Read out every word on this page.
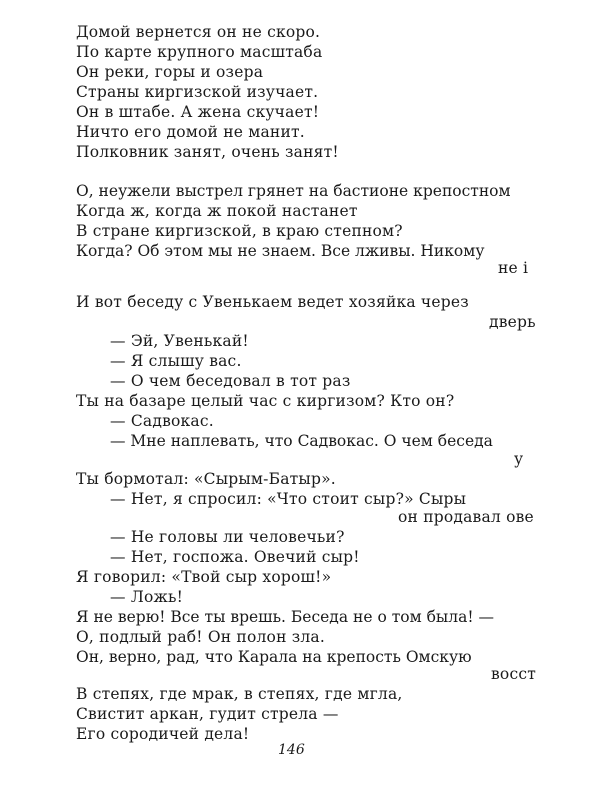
Домой вернется он не скоро.
По карте крупного масштаба
Он реки, горы и озера
Страны киргизской изучает.
Он в штабе. А жена скучает!
Ничто его домой не манит.
Полковник занят, очень занят!
О, неужели выстрел грянет на бастионе крепостном
Когда ж, когда ж покой настанет
В стране киргизской, в краю степном?
Когда? Об этом мы не знаем. Все лживы. Никому
не і
И вот беседу с Увенькаем ведет хозяйка через
дверь
— Эй, Увенькай!
— Я слышу вас.
— О чем беседовал в тот раз
Ты на базаре целый час с киргизом? Кто он?
— Садвокас.
— Мне наплевать, что Садвокас. О чем беседа
у
Ты бормотал: «Сырым-Батыр».
— Нет, я спросил: «Что стоит сыр?» Сыры
он продавал ове
— Не головы ли человечьи?
— Нет, госпожа. Овечий сыр!
Я говорил: «Твой сыр хорош!»
— Ложь!
Я не верю! Все ты врешь. Беседа не о том была! —
О, подлый раб! Он полон зла.
Он, верно, рад, что Карала на крепость Омскую
восст
В степях, где мрак, в степях, где мгла,
Свистит аркан, гудит стрела —
Его сородичей дела!
146
